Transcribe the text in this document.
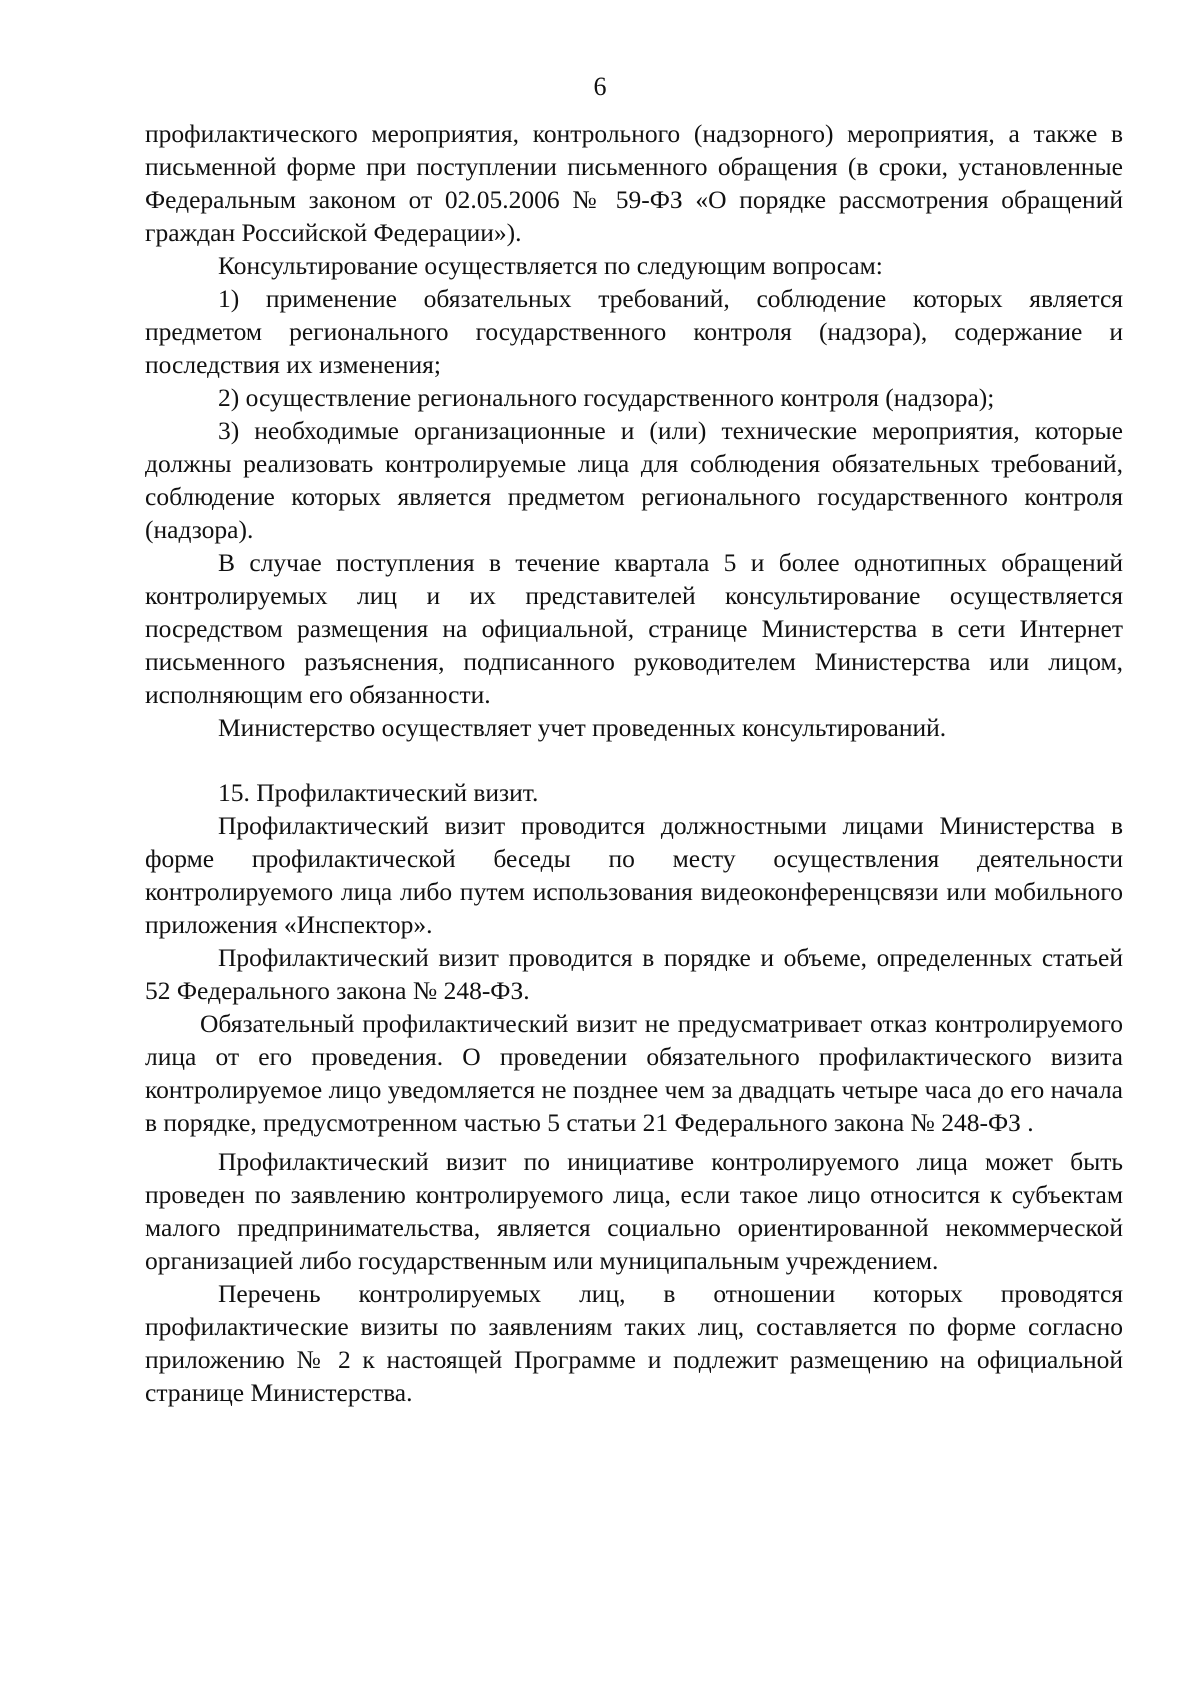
6

профилактического мероприятия, контрольного (надзорного) мероприятия, а также в письменной форме при поступлении письменного обращения (в сроки, установленные Федеральным законом от 02.05.2006 № 59-ФЗ «О порядке рассмотрения обращений граждан Российской Федерации»).

Консультирование осуществляется по следующим вопросам:

1) применение обязательных требований, соблюдение которых является предметом регионального государственного контроля (надзора), содержание и последствия их изменения;

2) осуществление регионального государственного контроля (надзора);

3) необходимые организационные и (или) технические мероприятия, которые должны реализовать контролируемые лица для соблюдения обязательных требований, соблюдение которых является предметом регионального государственного контроля (надзора).

В случае поступления в течение квартала 5 и более однотипных обращений контролируемых лиц и их представителей консультирование осуществляется посредством размещения на официальной, странице Министерства в сети Интернет письменного разъяснения, подписанного руководителем Министерства или лицом, исполняющим его обязанности.

Министерство осуществляет учет проведенных консультирований.

15. Профилактический визит.

Профилактический визит проводится должностными лицами Министерства в форме профилактической беседы по месту осуществления деятельности контролируемого лица либо путем использования видеоконференцсвязи или мобильного приложения «Инспектор».

Профилактический визит проводится в порядке и объеме, определенных статьей 52 Федерального закона № 248-ФЗ.

Обязательный профилактический визит не предусматривает отказ контролируемого лица от его проведения. О проведении обязательного профилактического визита контролируемое лицо уведомляется не позднее чем за двадцать четыре часа до его начала в порядке, предусмотренном частью 5 статьи 21 Федерального закона № 248-ФЗ .

Профилактический визит по инициативе контролируемого лица может быть проведен по заявлению контролируемого лица, если такое лицо относится к субъектам малого предпринимательства, является социально ориентированной некоммерческой организацией либо государственным или муниципальным учреждением.

Перечень контролируемых лиц, в отношении которых проводятся профилактические визиты по заявлениям таких лиц, составляется по форме согласно приложению № 2 к настоящей Программе и подлежит размещению на официальной странице Министерства.
